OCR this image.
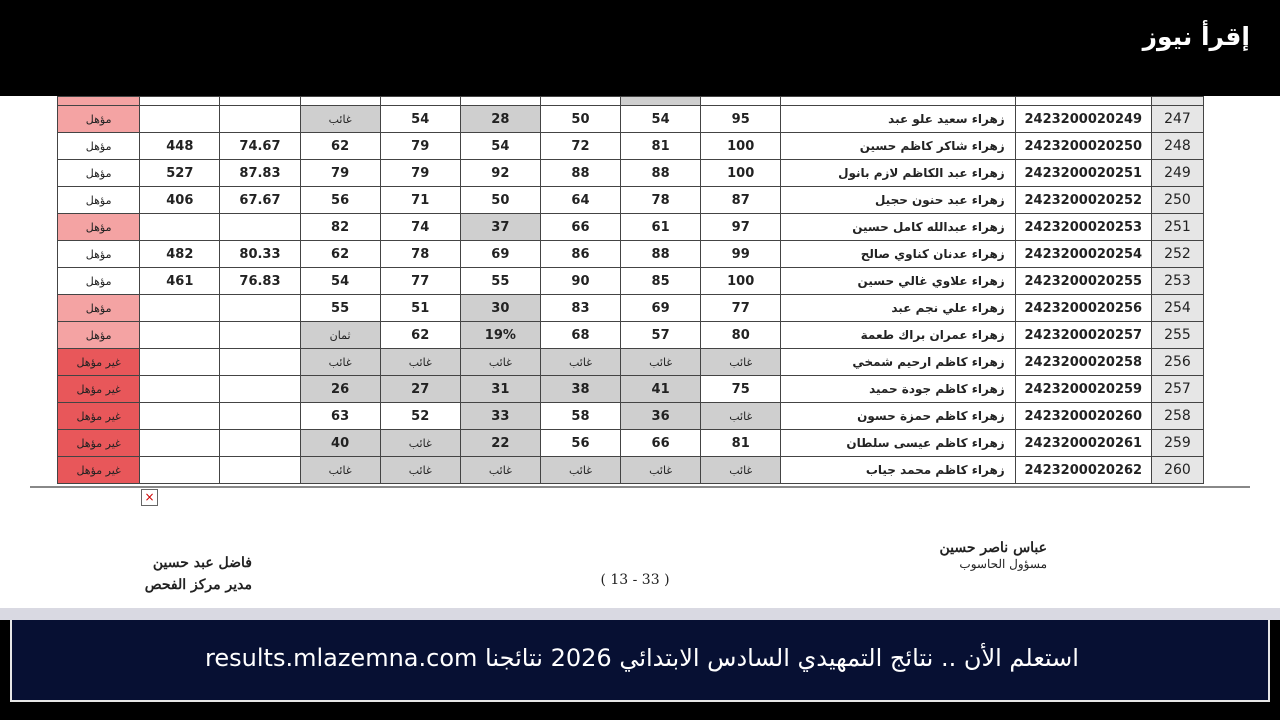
إقرأ نيوز

247	2423200020249	زهراء سعيد علو عبد	95	54	50	28	54	غائب			مؤهل
248	2423200020250	زهراء شاكر كاظم حسين	100	81	72	54	79	62	74.67	448	مؤهل
249	2423200020251	زهراء عبد الكاظم لازم بانول	100	88	88	92	79	79	87.83	527	مؤهل
250	2423200020252	زهراء عبد حنون حجيل	87	78	64	50	71	56	67.67	406	مؤهل
251	2423200020253	زهراء عبدالله كامل حسين	97	61	66	37	74	82			مؤهل
252	2423200020254	زهراء عدنان كناوي صالح	99	88	86	69	78	62	80.33	482	مؤهل
253	2423200020255	زهراء علاوي غالي حسين	100	85	90	55	77	54	76.83	461	مؤهل
254	2423200020256	زهراء علي نجم عبد	77	69	83	30	51	55			مؤهل
255	2423200020257	زهراء عمران براك طعمة	80	57	68	19%	62	ثمان			مؤهل
256	2423200020258	زهراء كاظم ارحيم شمخي	غائب	غائب	غائب	غائب	غائب	غائب			غير مؤهل
257	2423200020259	زهراء كاظم جودة حميد	75	41	38	31	27	26			غير مؤهل
258	2423200020260	زهراء كاظم حمزة حسون	غائب	36	58	33	52	63			غير مؤهل
259	2423200020261	زهراء كاظم عيسى سلطان	81	66	56	22	غائب	40			غير مؤهل
260	2423200020262	زهراء كاظم محمد جياب	غائب	غائب	غائب	غائب	غائب	غائب			غير مؤهل
×
فاضل عبد حسين
مدير مركز الفحص	( 13 - 33 )
عباس ناصر حسين
مسؤول الحاسوب
استعلم الأن .. نتائج التمهيدي السادس الابتدائي 2026 نتائجنا results.mlazemna.com
